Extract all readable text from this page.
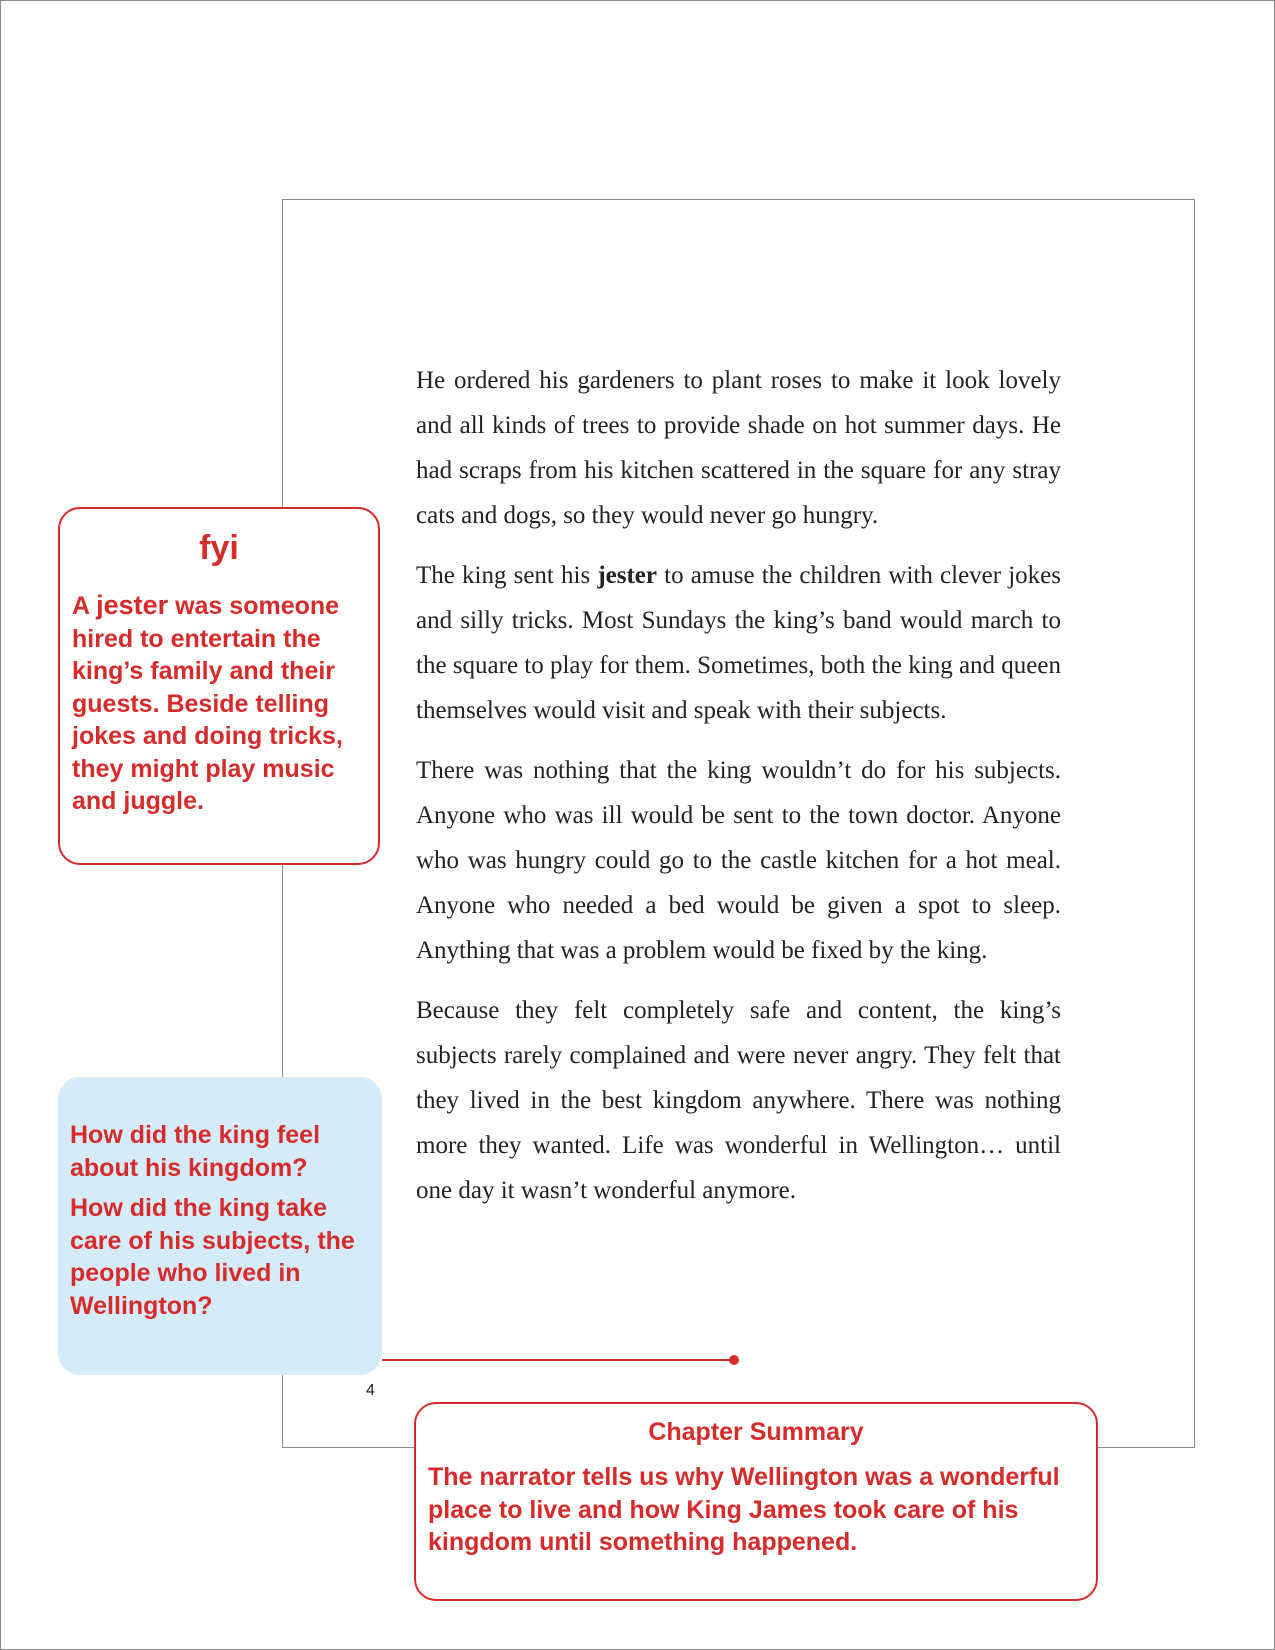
He ordered his gardeners to plant roses to make it look lovely and all kinds of trees to provide shade on hot summer days. He had scraps from his kitchen scattered in the square for any stray cats and dogs, so they would never go hungry.

The king sent his jester to amuse the children with clever jokes and silly tricks. Most Sundays the king’s band would march to the square to play for them. Sometimes, both the king and queen themselves would visit and speak with their subjects.

There was nothing that the king wouldn’t do for his subjects. Anyone who was ill would be sent to the town doctor. Anyone who was hungry could go to the castle kitchen for a hot meal. Anyone who needed a bed would be given a spot to sleep. Anything that was a problem would be fixed by the king.

Because they felt completely safe and content, the king’s subjects rarely complained and were never angry. They felt that they lived in the best kingdom anywhere. There was nothing more they wanted. Life was wonderful in Wellington… until one day it wasn’t wonderful anymore.

fyi
A jester was someone hired to entertain the king’s family and their guests. Beside telling jokes and doing tricks, they might play music and juggle.
How did the king feel about his kingdom?
How did the king take care of his subjects, the people who lived in Wellington?
4
Chapter Summary
The narrator tells us why Wellington was a wonderful place to live and how King James took care of his kingdom until something happened.
